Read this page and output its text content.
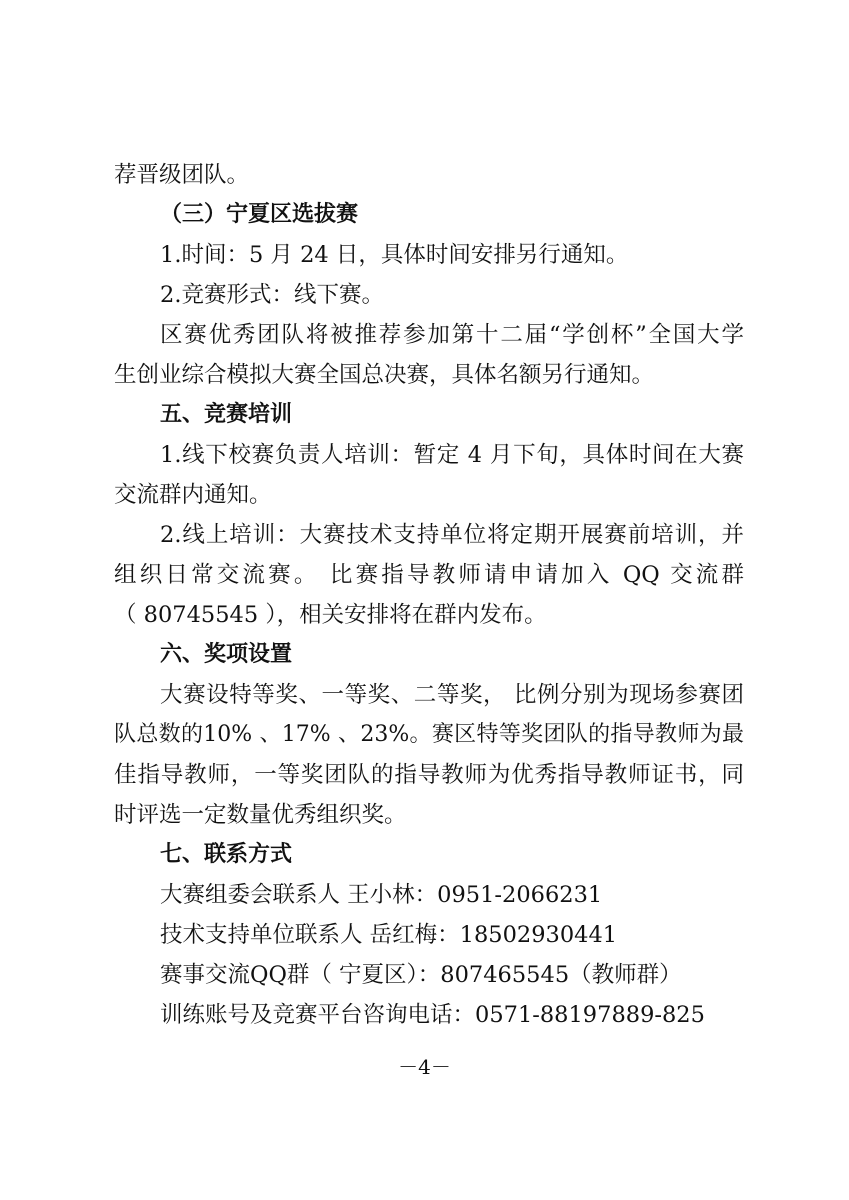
荐晋级团队。
（三）宁夏区选拔赛
1.时间：5 月 24 日，具体时间安排另行通知。
2.竞赛形式：线下赛。
区赛优秀团队将被推荐参加第十二届“学创杯”全国大学
生创业综合模拟大赛全国总决赛，具体名额另行通知。
五、竞赛培训
1.线下校赛负责人培训：暂定 4 月下旬，具体时间在大赛
交流群内通知。
2.线上培训：大赛技术支持单位将定期开展赛前培训，并
组织日常交流赛。 比赛指导教师请申请加入 QQ 交流群
（ 80745545 ），相关安排将在群内发布。
六、奖项设置
大赛设特等奖、一等奖、二等奖， 比例分别为现场参赛团
队总数的10% 、17% 、23%。赛区特等奖团队的指导教师为最
佳指导教师，一等奖团队的指导教师为优秀指导教师证书，同
时评选一定数量优秀组织奖。
七、联系方式
大赛组委会联系人 王小林：0951-2066231
技术支持单位联系人 岳红梅：18502930441
赛事交流QQ群（ 宁夏区）：807465545（教师群）
训练账号及竞赛平台咨询电话：0571-88197889-825
－4－
